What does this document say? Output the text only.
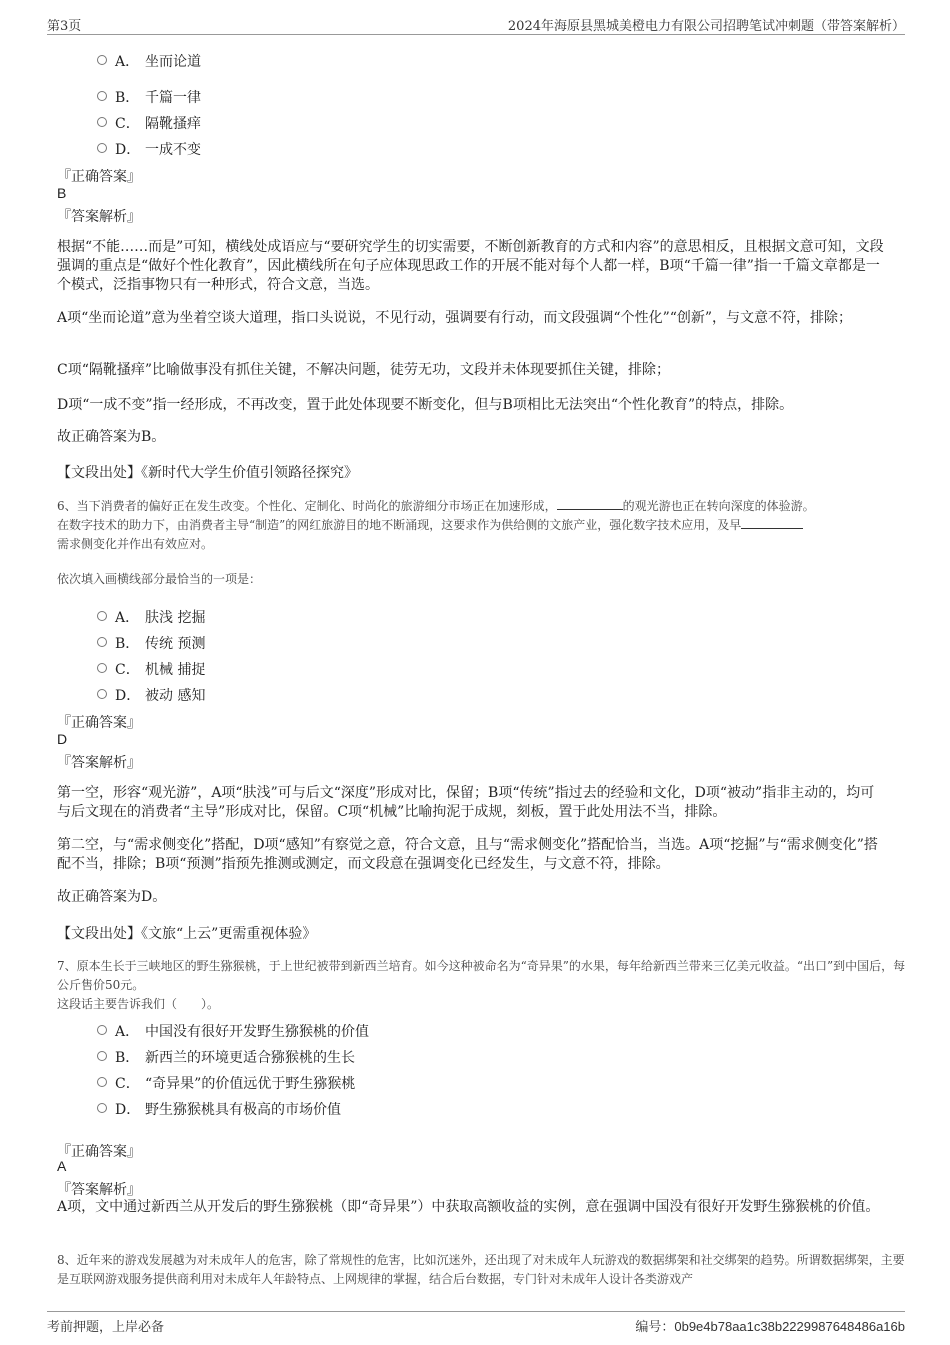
第3页	2024年海原县黑城美橙电力有限公司招聘笔试冲刺题（带答案解析）
A． 坐而论道
B． 千篇一律
C． 隔靴搔痒
D． 一成不变
『正确答案』
B
『答案解析』
根据“不能……而是”可知，横线处成语应与“要研究学生的切实需要，不断创新教育的方式和内容”的意思相反，且根据文意可知，文段强调的重点是“做好个性化教育”，因此横线所在句子应体现思政工作的开展不能对每个人都一样，B项“千篇一律”指一千篇文章都是一个模式，泛指事物只有一种形式，符合文意，当选。
A项“坐而论道”意为坐着空谈大道理，指口头说说，不见行动，强调要有行动，而文段强调“个性化”“创新”，与文意不符，排除；
C项“隔靴搔痒”比喻做事没有抓住关键，不解决问题，徒劳无功，文段并未体现要抓住关键，排除；
D项“一成不变”指一经形成，不再改变，置于此处体现要不断变化，但与B项相比无法突出“个性化教育”的特点，排除。
故正确答案为B。
【文段出处】《新时代大学生价值引领路径探究》
6、当下消费者的偏好正在发生改变。个性化、定制化、时尚化的旅游细分市场正在加速形成，	的观光游也正在转向深度的体验游。
在数字技术的助力下，由消费者主导“制造”的网红旅游目的地不断涌现，这要求作为供给侧的文旅产业，强化数字技术应用，及早
需求侧变化并作出有效应对。
依次填入画横线部分最恰当的一项是：
A． 肤浅 挖掘
B． 传统 预测
C． 机械 捕捉
D． 被动 感知
『正确答案』
D
『答案解析』
第一空，形容“观光游”，A项“肤浅”可与后文“深度”形成对比，保留；B项“传统”指过去的经验和文化，D项“被动”指非主动的，均可与后文现在的消费者“主导”形成对比，保留。C项“机械”比喻拘泥于成规，刻板，置于此处用法不当，排除。
第二空，与“需求侧变化”搭配，D项“感知”有察觉之意，符合文意，且与“需求侧变化”搭配恰当，当选。A项“挖掘”与“需求侧变化”搭配不当，排除；B项“预测”指预先推测或测定，而文段意在强调变化已经发生，与文意不符，排除。
故正确答案为D。
【文段出处】《文旅“上云”更需重视体验》
7、原本生长于三峡地区的野生猕猴桃，于上世纪被带到新西兰培育。如今这种被命名为“奇异果”的水果，每年给新西兰带来三亿美元收益。“出口”到中国后，每公斤售价50元。
这段话主要告诉我们（　　）。
A． 中国没有很好开发野生猕猴桃的价值
B． 新西兰的环境更适合猕猴桃的生长
C． “奇异果”的价值远优于野生猕猴桃
D． 野生猕猴桃具有极高的市场价值
『正确答案』
A
『答案解析』
A项，文中通过新西兰从开发后的野生猕猴桃（即“奇异果”）中获取高额收益的实例，意在强调中国没有很好开发野生猕猴桃的价值。
8、近年来的游戏发展越为对未成年人的危害，除了常规性的危害，比如沉迷外，还出现了对未成年人玩游戏的数据绑架和社交绑架的趋势。所谓数据绑架，主要是互联网游戏服务提供商利用对未成年人年龄特点、上网规律的掌握，结合后台数据，专门针对未成年人设计各类游戏产
考前押题，上岸必备	编号：0b9e4b78aa1c38b2229987648486a16b
